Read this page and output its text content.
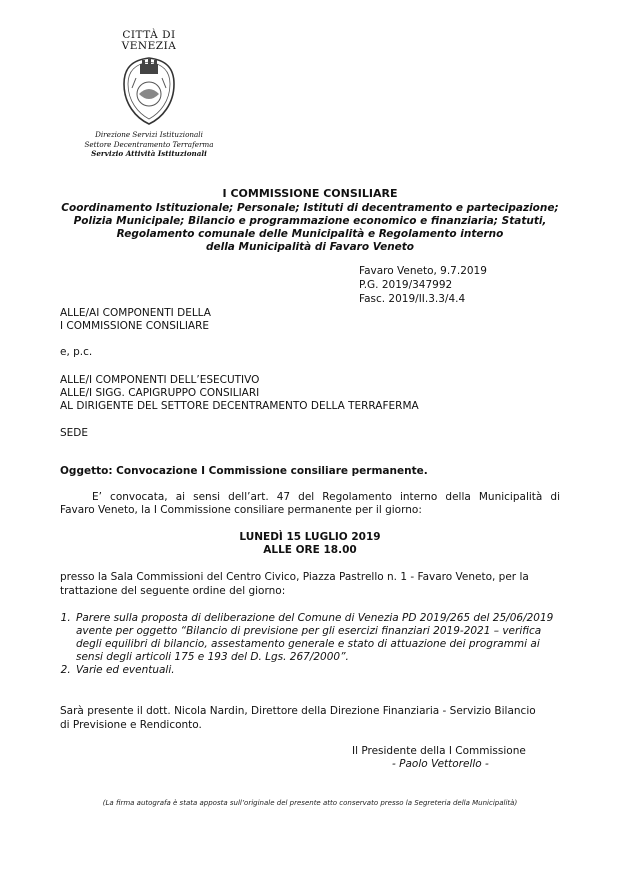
CITTÀ DI
VENEZIA
Direzione Servizi Istituzionali
Settore Decentramento Terraferma
Servizio Attività Istituzionali
I COMMISSIONE CONSILIARE
Coordinamento Istituzionale; Personale; Istituti di decentramento e partecipazione;
Polizia Municipale; Bilancio e programmazione economico e finanziaria; Statuti,
Regolamento comunale delle Municipalità e Regolamento interno
della Municipalità di Favaro Veneto
Favaro Veneto, 9.7.2019
P.G. 2019/347992
Fasc. 2019/II.3.3/4.4
ALLE/AI COMPONENTI DELLA
I COMMISSIONE CONSILIARE
e, p.c.
ALLE/I COMPONENTI DELL’ESECUTIVO
ALLE/I SIGG. CAPIGRUPPO CONSILIARI
AL DIRIGENTE DEL SETTORE DECENTRAMENTO DELLA TERRAFERMA
SEDE
Oggetto: Convocazione I Commissione consiliare permanente.
E’ convocata, ai sensi dell’art. 47 del Regolamento interno della Municipalità di
Favaro Veneto, la I Commissione consiliare permanente per il giorno:
LUNEDÌ 15 LUGLIO 2019
ALLE ORE 18.00
presso la Sala Commissioni del Centro Civico, Piazza Pastrello n. 1 - Favaro Veneto, per la
trattazione del seguente ordine del giorno:
1. Parere sulla proposta di deliberazione del Comune di Venezia PD 2019/265 del 25/06/2019 avente per oggetto “Bilancio di previsione per gli esercizi finanziari 2019-2021 – verifica degli equilibri di bilancio, assestamento generale e stato di attuazione dei programmi ai sensi degli articoli 175 e 193 del D. Lgs. 267/2000”.
2. Varie ed eventuali.
Sarà presente il dott. Nicola Nardin, Direttore della Direzione Finanziaria - Servizio Bilancio
di Previsione e Rendiconto.
Il Presidente della I Commissione
- Paolo Vettorello -
(La firma autografa è stata apposta sull’originale del presente atto conservato presso la Segreteria della Municipalità)
